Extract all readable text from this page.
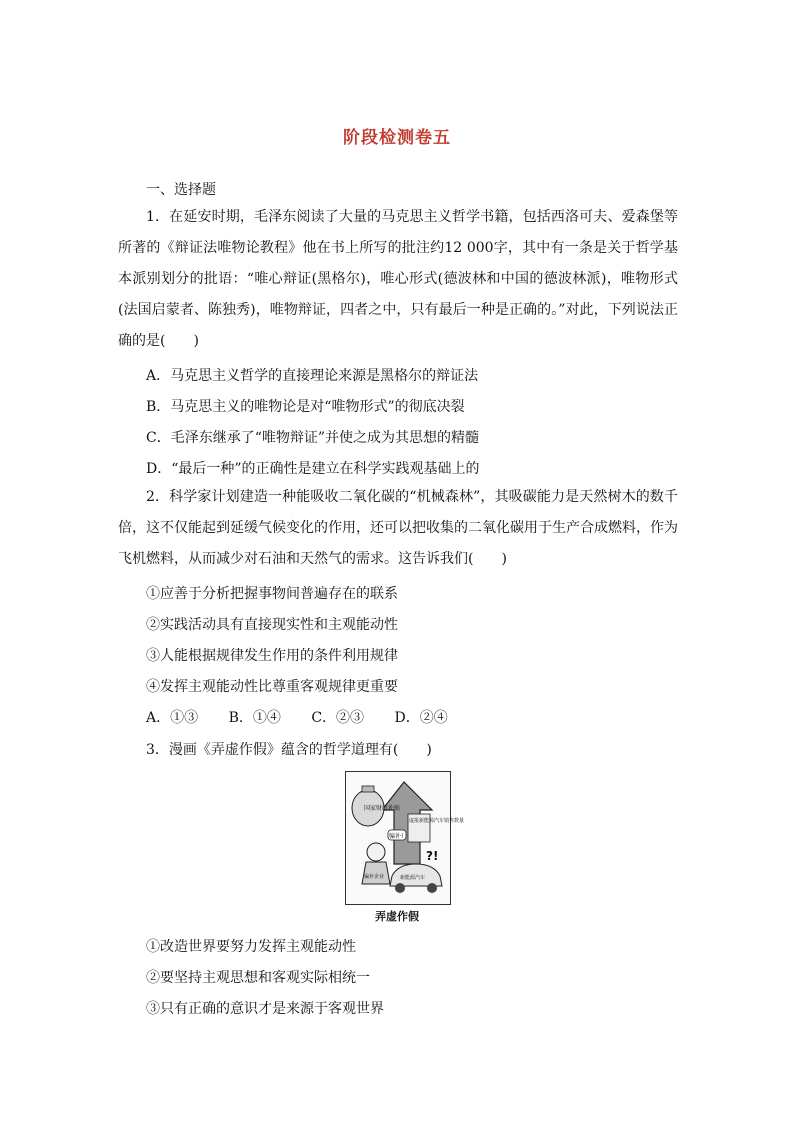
阶段检测卷五
一、选择题
1．在延安时期，毛泽东阅读了大量的马克思主义哲学书籍，包括西洛可夫、爱森堡等所著的《辩证法唯物论教程》他在书上所写的批注约12 000字，其中有一条是关于哲学基本派别划分的批语：“唯心辩证(黑格尔)，唯心形式(德波林和中国的德波林派)，唯物形式(法国启蒙者、陈独秀)，唯物辩证，四者之中，只有最后一种是正确的。”对此，下列说法正确的是(　　)
A．马克思主义哲学的直接理论来源是黑格尔的辩证法
B．马克思主义的唯物论是对“唯物形式”的彻底决裂
C．毛泽东继承了“唯物辩证”并使之成为其思想的精髓
D．“最后一种”的正确性是建立在科学实践观基础上的
2．科学家计划建造一种能吸收二氧化碳的“机械森林”，其吸碳能力是天然树木的数千倍，这不仅能起到延缓气候变化的作用，还可以把收集的二氧化碳用于生产合成燃料，作为飞机燃料，从而减少对石油和天然气的需求。这告诉我们(　　)
①应善于分析把握事物间普遍存在的联系
②实践活动具有直接现实性和主观能动性
③人能根据规律发生作用的条件利用规律
④发挥主观能动性比尊重客观规律更重要
A．①③ B．①④ C．②③ D．②④
3．漫画《弄虚作假》蕴含的哲学道理有(　　)
国家财政补贴
骗补!
虚报新能源汽车销售数量
?!
骗补企业	新能源汽车
弄虚作假
①改造世界要努力发挥主观能动性
②要坚持主观思想和客观实际相统一
③只有正确的意识才是来源于客观世界
